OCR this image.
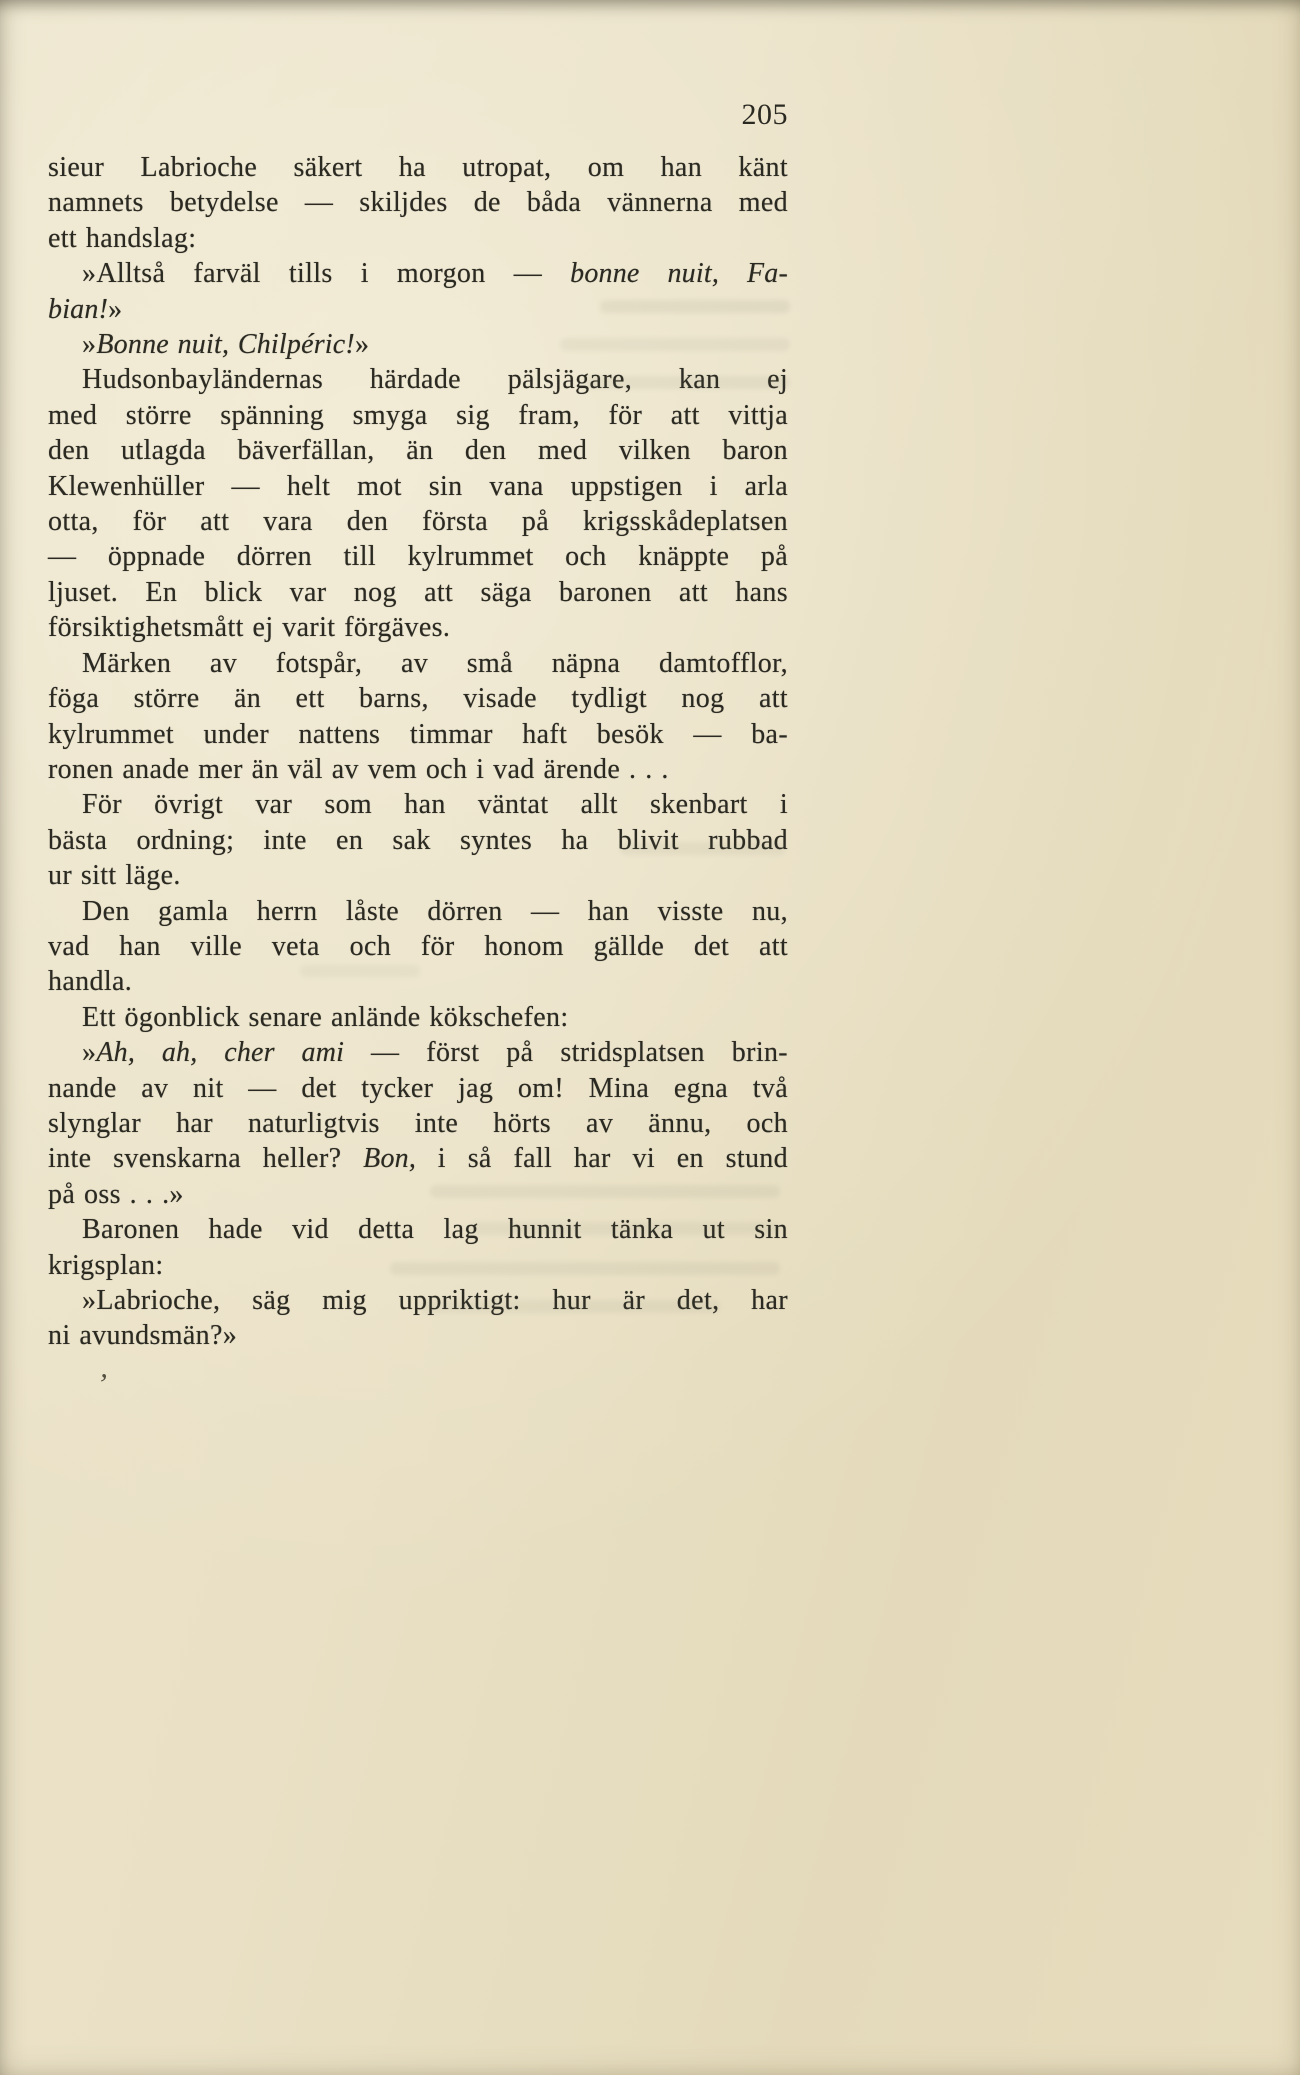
205
sieur Labrioche säkert ha utropat, om han känt
namnets betydelse — skiljdes de båda vännerna med
ett handslag:
»Alltså farväl tills i morgon — bonne nuit, Fa-
bian!»
»Bonne nuit, Chilpéric!»
Hudsonbayländernas härdade pälsjägare, kan ej
med större spänning smyga sig fram, för att vittja
den utlagda bäverfällan, än den med vilken baron
Klewenhüller — helt mot sin vana uppstigen i arla
otta, för att vara den första på krigsskådeplatsen
— öppnade dörren till kylrummet och knäppte på
ljuset. En blick var nog att säga baronen att hans
försiktighetsmått ej varit förgäves.
Märken av fotspår, av små näpna damtofflor,
föga större än ett barns, visade tydligt nog att
kylrummet under nattens timmar haft besök — ba-
ronen anade mer än väl av vem och i vad ärende . . .
För övrigt var som han väntat allt skenbart i
bästa ordning; inte en sak syntes ha blivit rubbad
ur sitt läge.
Den gamla herrn låste dörren — han visste nu,
vad han ville veta och för honom gällde det att
handla.
Ett ögonblick senare anlände kökschefen:
»Ah, ah, cher ami — först på stridsplatsen brin-
nande av nit — det tycker jag om! Mina egna två
slynglar har naturligtvis inte hörts av ännu, och
inte svenskarna heller? Bon, i så fall har vi en stund
på oss . . .»
Baronen hade vid detta lag hunnit tänka ut sin
krigsplan:
»Labrioche, säg mig uppriktigt: hur är det, har
ni avundsmän?»
’
